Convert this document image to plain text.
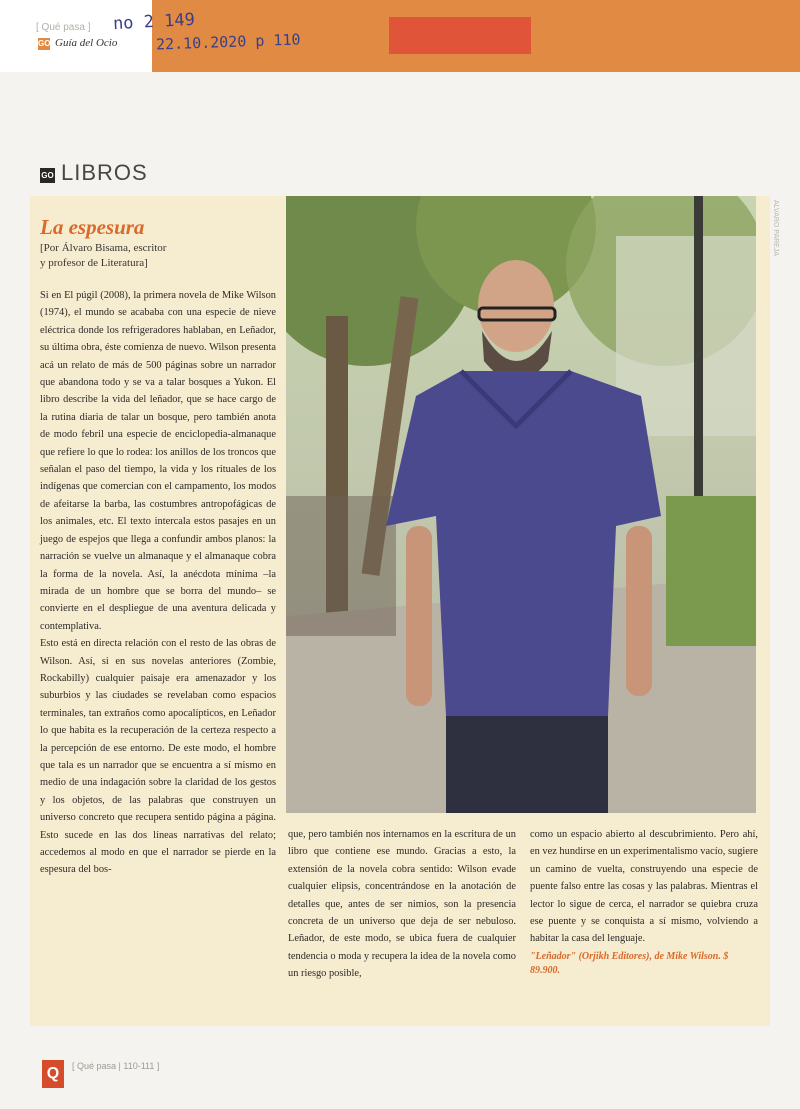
[ Qué pasa ]
GO Guía del Ocio
no 2 149
22.10.2020 p 110
GO LIBROS
ALVARO PAREJA
La espesura
[Por Álvaro Bisama, escritor
y profesor de Literatura]

Si en El púgil (2008), la primera novela de Mike Wilson (1974), el mundo se acababa con una especie de nieve eléctrica donde los refrigeradores hablaban, en Leñador, su última obra, éste comienza de nuevo. Wilson presenta acá un relato de más de 500 páginas sobre un narrador que abandona todo y se va a talar bosques a Yukon. El libro describe la vida del leñador, que se hace cargo de la rutina diaria de talar un bosque, pero también anota de modo febril una especie de enciclopedia-almanaque que refiere lo que lo rodea: los anillos de los troncos que señalan el paso del tiempo, la vida y los rituales de los indígenas que comercian con el campamento, los modos de afeitarse la barba, las costumbres antropofágicas de los animales, etc. El texto intercala estos pasajes en un juego de espejos que llega a confundir ambos planos: la narración se vuelve un almanaque y el almanaque cobra la forma de la novela. Así, la anécdota mínima –la mirada de un hombre que se borra del mundo– se convierte en el despliegue de una aventura delicada y contemplativa.

Esto está en directa relación con el resto de las obras de Wilson. Así, si en sus novelas anteriores (Zombie, Rockabilly) cualquier paisaje era amenazador y los suburbios y las ciudades se revelaban como espacios terminales, tan extraños como apocalípticos, en Leñador lo que habita es la recuperación de la certeza respecto a la percepción de ese entorno. De este modo, el hombre que tala es un narrador que se encuentra a sí mismo en medio de una indagación sobre la claridad de los gestos y los objetos, de las palabras que construyen un universo concreto que recupera sentido página a página. Esto sucede en las dos líneas narrativas del relato; accedemos al modo en que el narrador se pierde en la espesura del bos-

que, pero también nos internamos en la escritura de un libro que contiene ese mundo. Gracias a esto, la extensión de la novela cobra sentido: Wilson evade cualquier elipsis, concentrándose en la anotación de detalles que, antes de ser nimios, son la presencia concreta de un universo que deja de ser nebuloso. Leñador, de este modo, se ubica fuera de cualquier tendencia o moda y recupera la idea de la novela como un riesgo posible,

como un espacio abierto al descubrimiento. Pero ahí, en vez hundirse en un experimentalismo vacío, sugiere un camino de vuelta, construyendo una especie de puente falso entre las cosas y las palabras. Mientras el lector lo sigue de cerca, el narrador se quiebra cruza ese puente y se conquista a sí mismo, volviendo a habitar la casa del lenguaje.

"Leñador" (Orjikh Editores), de Mike Wilson. $ 89.900.
Q	[ Qué pasa | 110-111 ]
